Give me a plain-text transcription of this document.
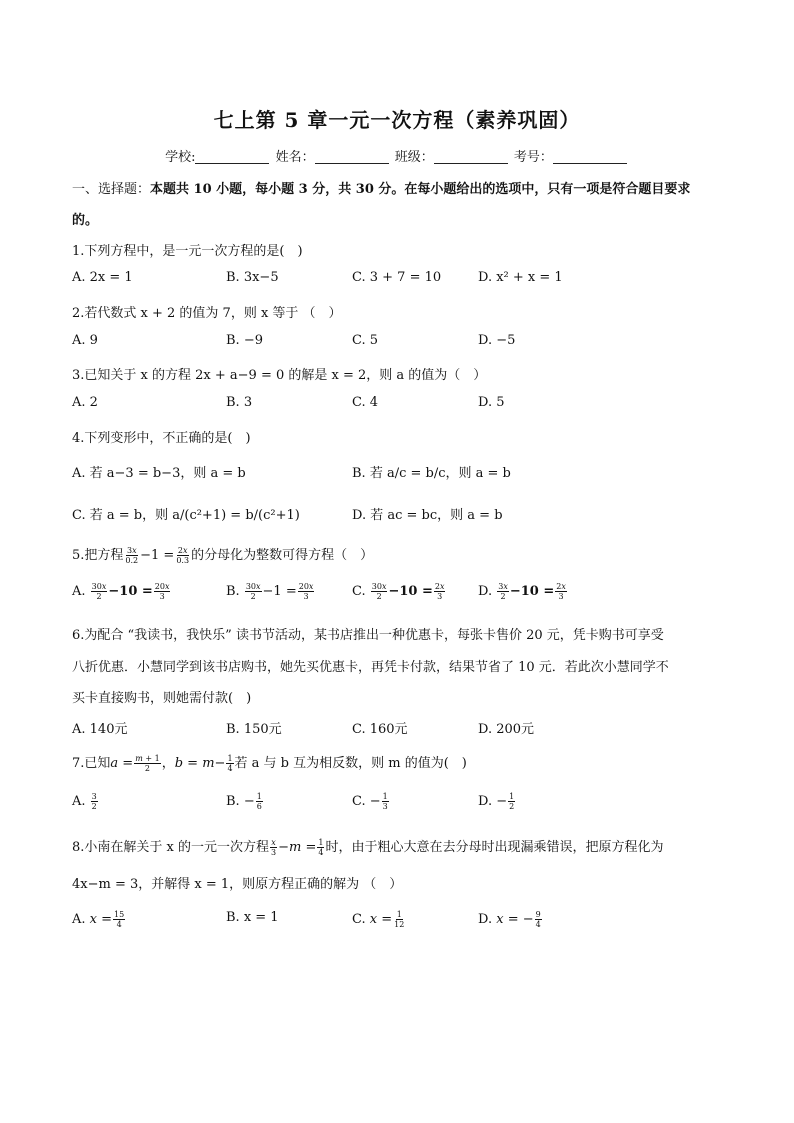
七上第 5 章一元一次方程（素养巩固）
学校:	姓名：	班级：	考号：
一、选择题：本题共 10 小题，每小题 3 分，共 30 分。在每小题给出的选项中，只有一项是符合题目要求
的。
1.下列方程中，是一元一次方程的是(　)
A. 2x = 1	B. 3x−5	C. 3 + 7 = 10	D. x² + x = 1
2.若代数式 x + 2 的值为 7，则 x 等于 （　）
A. 9	B. −9	C. 5	D. −5
3.已知关于 x 的方程 2x + a−9 = 0 的解是 x = 2，则 a 的值为（　）
A. 2	B. 3	C. 4	D. 5
4.下列变形中，不正确的是(　)
A. 若 a−3 = b−3，则 a = b	B. 若 a/c = b/c，则 a = b
C. 若 a = b，则 a/(c²+1) = b/(c²+1)	D. 若 ac = bc，则 a = b
5.把方程 $\frac{3x}{0.2} -1 = \frac{2x}{0.3}$ 的分母化为整数可得方程（　）
A. $\frac{30x}{2} -10 = \frac{20x}{3}$	B. $\frac{30x}{2} -1 = \frac{20x}{3}$	C. $\frac{30x}{2} -10 = \frac{2x}{3}$	D. $\frac{3x}{2} -10 = \frac{2x}{3}$
6.为配合 “我读书，我快乐” 读书节活动，某书店推出一种优惠卡，每张卡售价 20 元，凭卡购书可享受
八折优惠．小慧同学到该书店购书，她先买优惠卡，再凭卡付款，结果节省了 10 元．若此次小慧同学不
买卡直接购书，则她需付款(　)
A. 140元	B. 150元	C. 160元	D. 200元
7.已知$a = \frac{m + 1}{2}$ ，$b = m- \frac{1}{4}$ 若 a 与 b 互为相反数，则 m 的值为(　)
A. $\frac{3}{2}$	B. − $\frac{1}{6}$	C. − $\frac{1}{3}$	D. − $\frac{1}{2}$
8.小南在解关于 x 的一元一次方程 $\frac{x}{3} -m = \frac{1}{4}$ 时，由于粗心大意在去分母时出现漏乘错误，把原方程化为
4x−m = 3，并解得 x = 1，则原方程正确的解为 （　）
A. $x = \frac{15}{4}$	B. x = 1	C. $x = \frac{1}{12}$	D. x = − $\frac{9}{4}$
